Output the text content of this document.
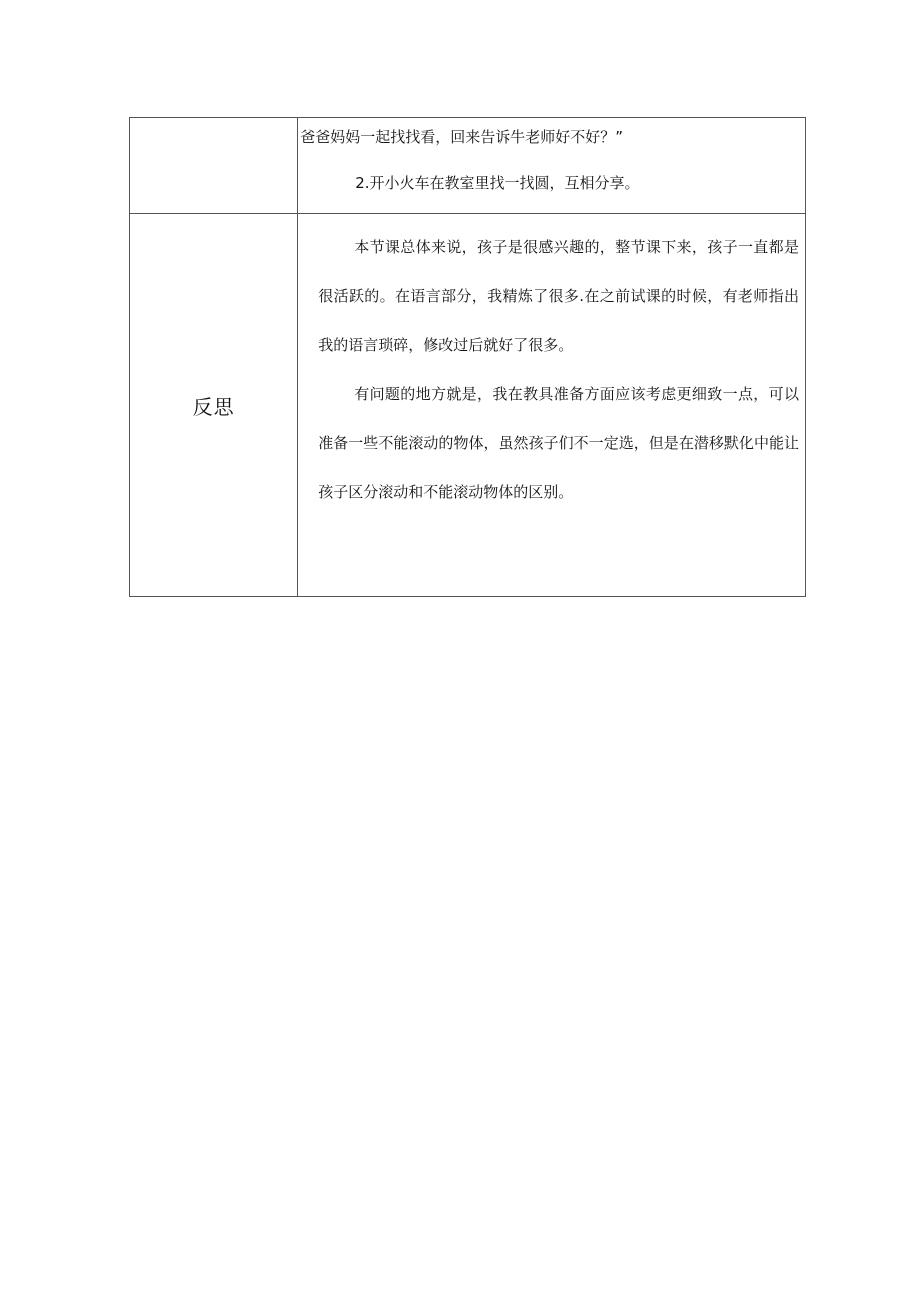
	爸爸妈妈一起找找看，回来告诉牛老师好不好？”
2.开小火车在教室里找一找圆，互相分享。

反思	本节课总体来说，孩子是很感兴趣的，整节课下来，孩子一直都是很活跃的。在语言部分，我精炼了很多.在之前试课的时候，有老师指出我的语言琐碎，修改过后就好了很多。

有问题的地方就是，我在教具准备方面应该考虑更细致一点，可以准备一些不能滚动的物体，虽然孩子们不一定选，但是在潜移默化中能让孩子区分滚动和不能滚动物体的区别。
